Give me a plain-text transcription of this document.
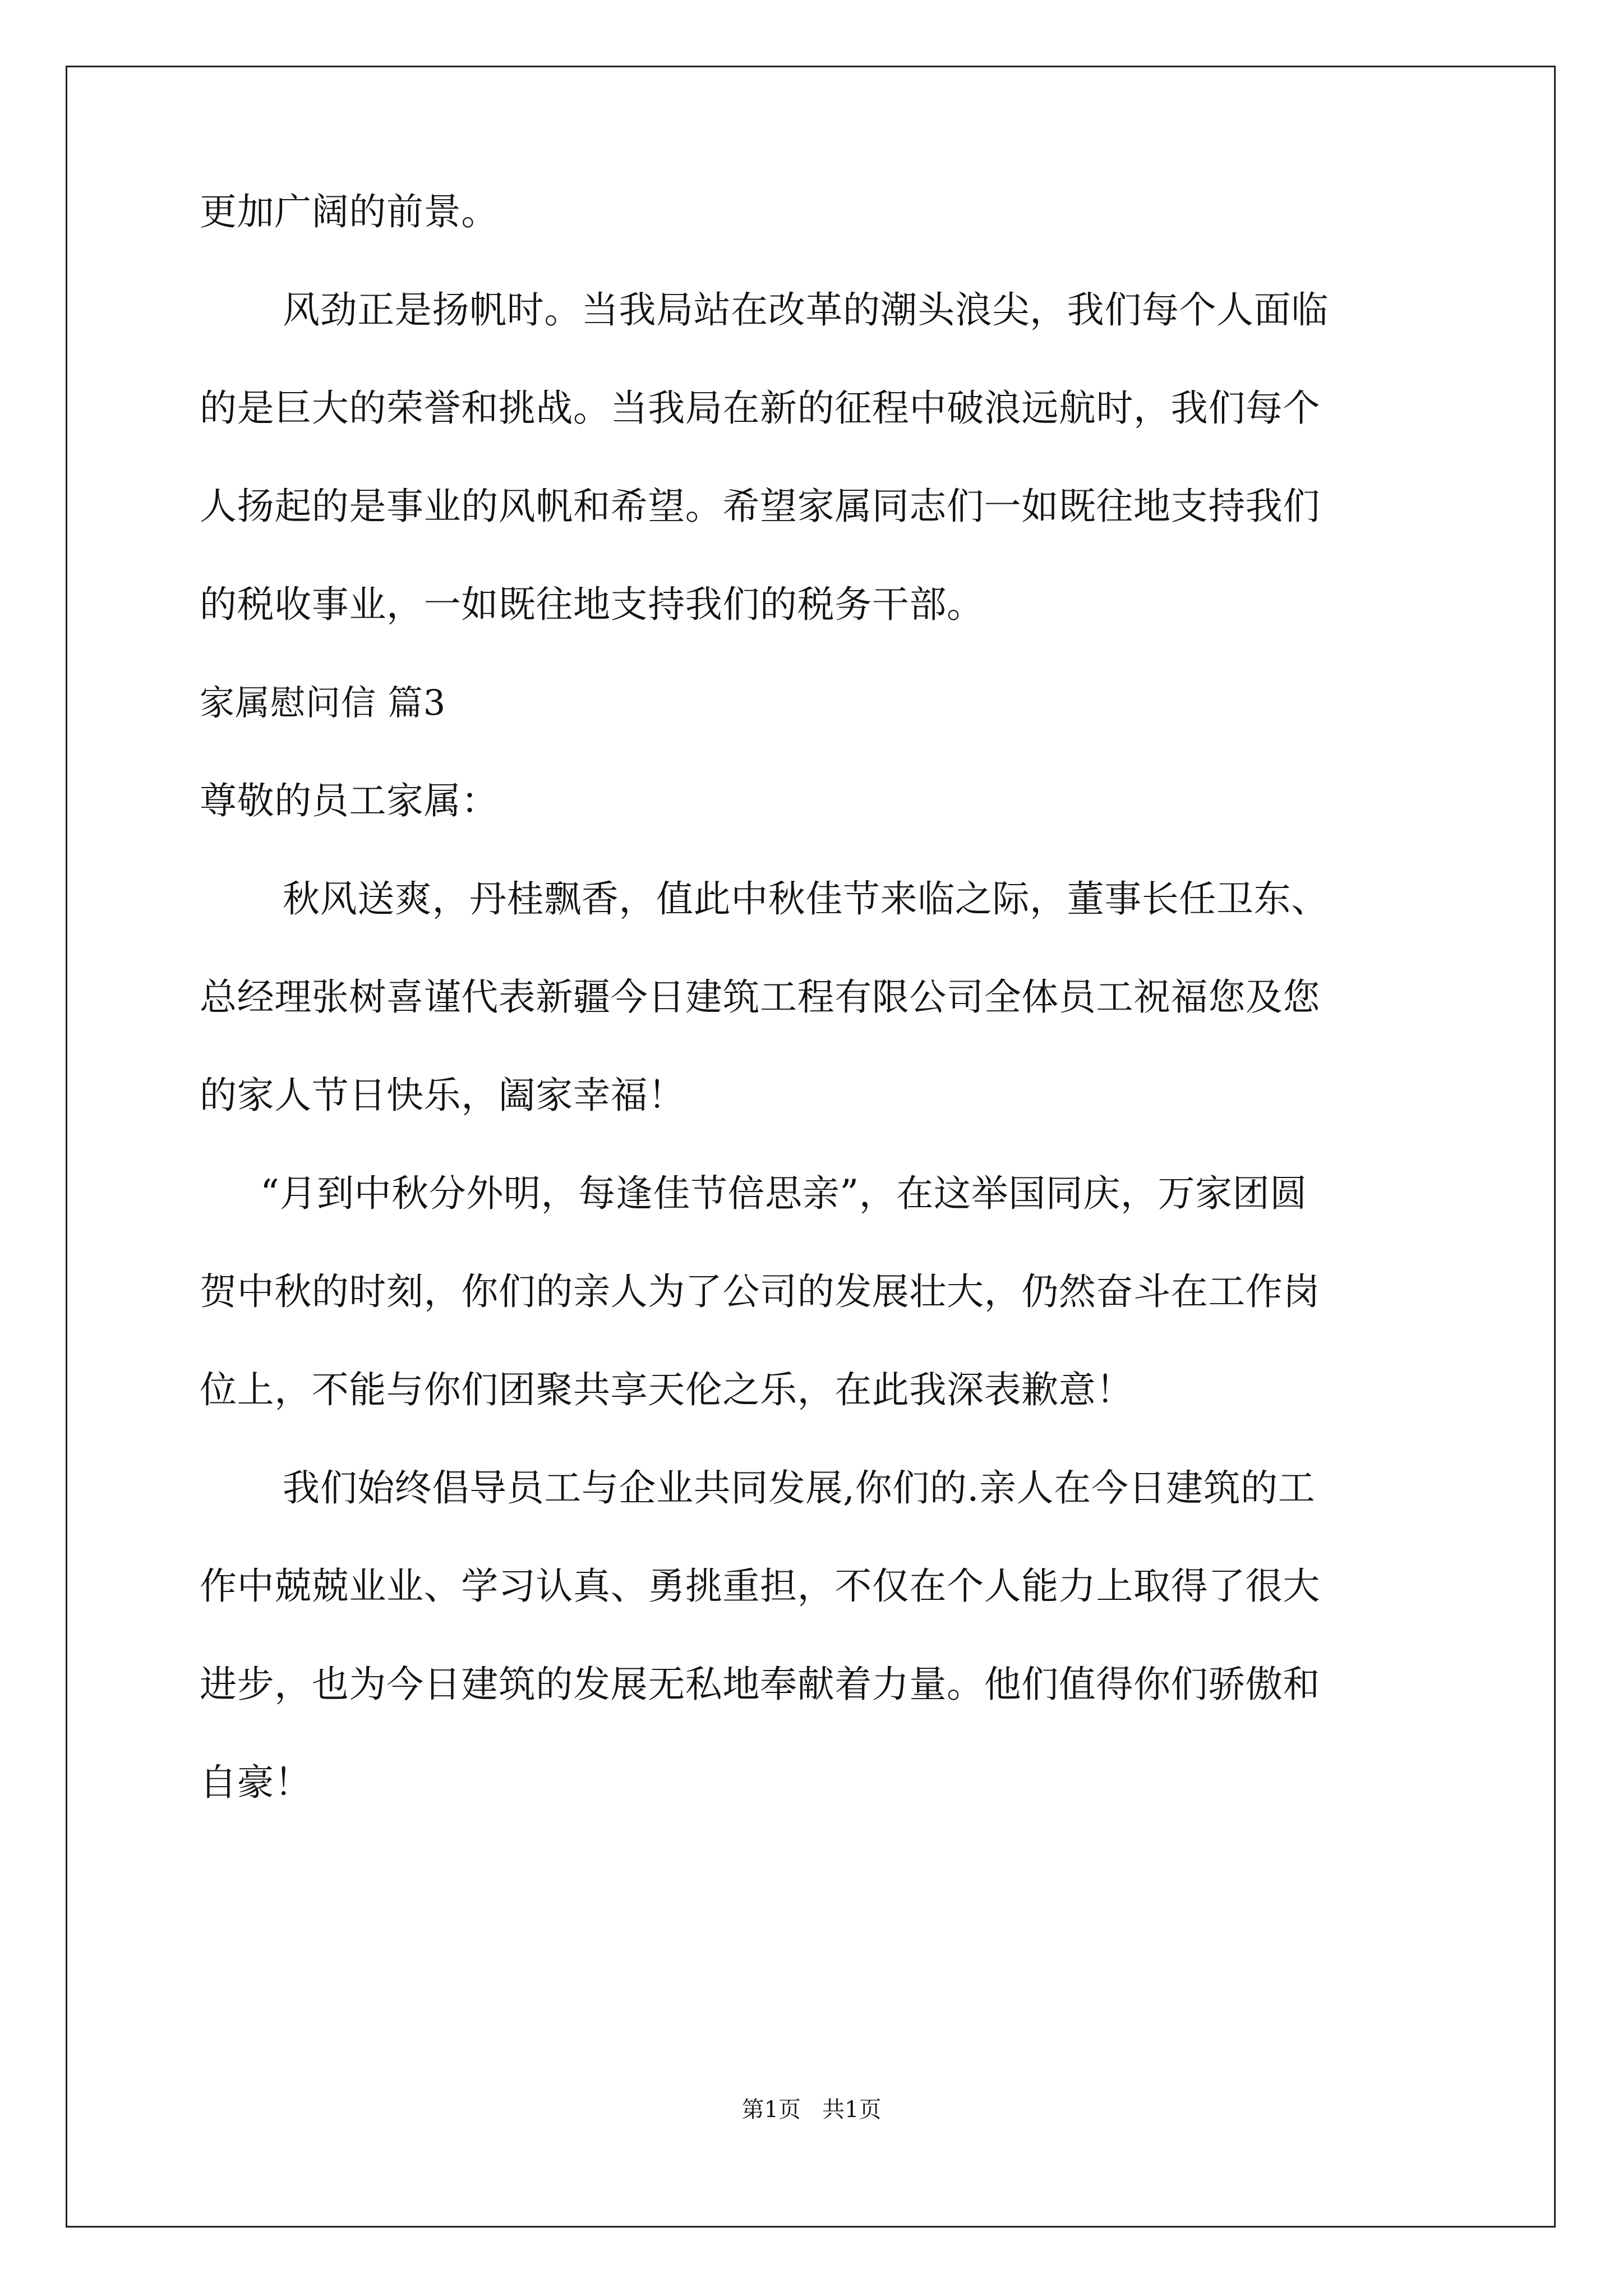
更加广阔的前景。
风劲正是扬帆时。当我局站在改革的潮头浪尖，我们每个人面临
的是巨大的荣誉和挑战。当我局在新的征程中破浪远航时，我们每个
人扬起的是事业的风帆和希望。希望家属同志们一如既往地支持我们
的税收事业，一如既往地支持我们的税务干部。
家属慰问信 篇3
尊敬的员工家属：
秋风送爽，丹桂飘香，值此中秋佳节来临之际，董事长任卫东、
总经理张树喜谨代表新疆今日建筑工程有限公司全体员工祝福您及您
的家人节日快乐，阖家幸福！
“月到中秋分外明，每逢佳节倍思亲”，在这举国同庆，万家团圆
贺中秋的时刻，你们的亲人为了公司的发展壮大，仍然奋斗在工作岗
位上，不能与你们团聚共享天伦之乐，在此我深表歉意！
我们始终倡导员工与企业共同发展,你们的.亲人在今日建筑的工
作中兢兢业业、学习认真、勇挑重担，不仅在个人能力上取得了很大
进步，也为今日建筑的发展无私地奉献着力量。他们值得你们骄傲和
自豪！
第1页   共1页
